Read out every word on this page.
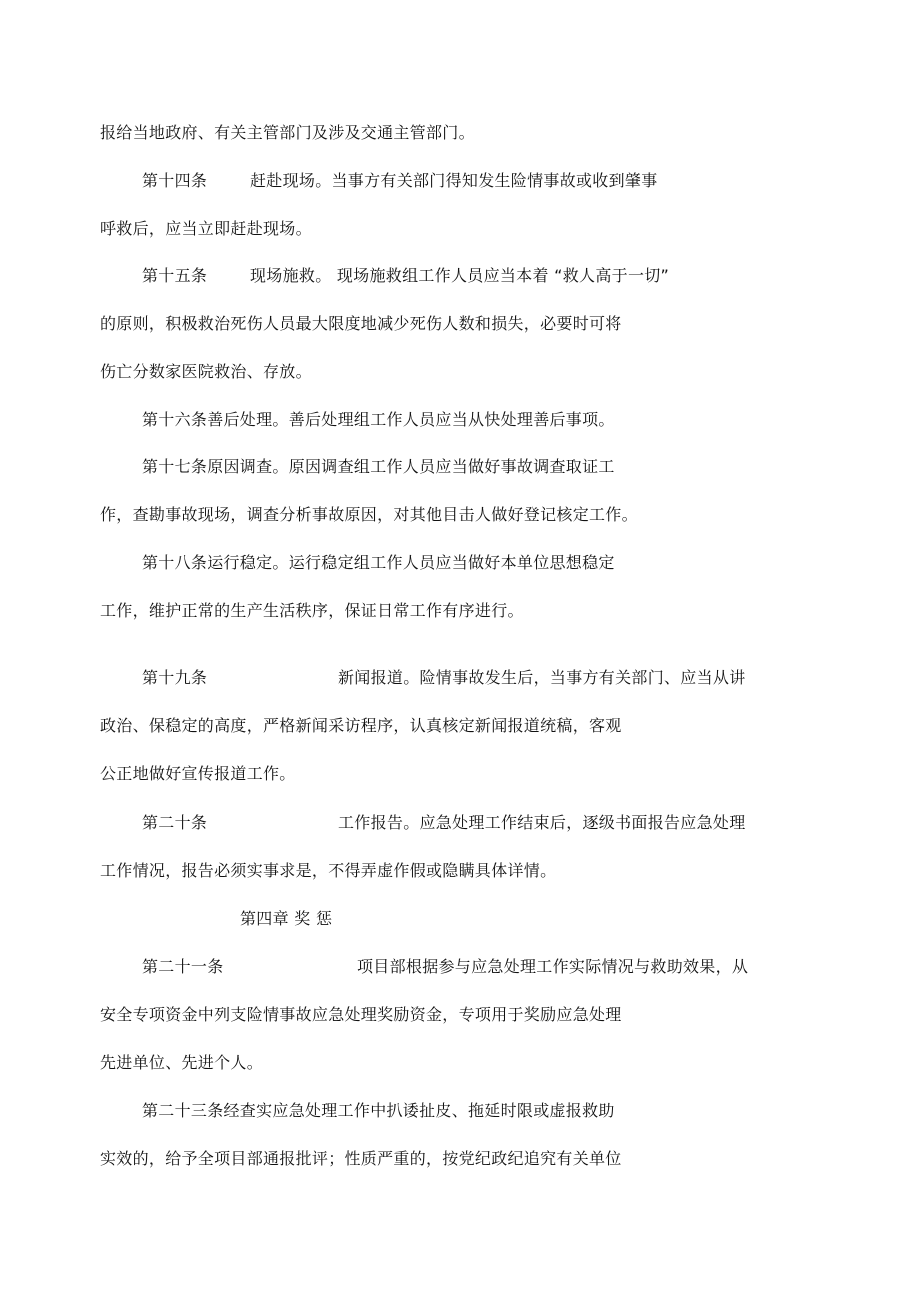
报给当地政府、有关主管部门及涉及交通主管部门。
第十四条	赶赴现场。当事方有关部门得知发生险情事故或收到肇事
呼救后，应当立即赶赴现场。
第十五条	现场施救。 现场施救组工作人员应当本着 “救人高于一切”
的原则，积极救治死伤人员最大限度地减少死伤人数和损失，必要时可将
伤亡分数家医院救治、存放。
第十六条善后处理。善后处理组工作人员应当从快处理善后事项。
第十七条原因调查。原因调查组工作人员应当做好事故调查取证工
作，查勘事故现场，调查分析事故原因，对其他目击人做好登记核定工作。
第十八条运行稳定。运行稳定组工作人员应当做好本单位思想稳定
工作，维护正常的生产生活秩序，保证日常工作有序进行。
第十九条	新闻报道。险情事故发生后，当事方有关部门、应当从讲
政治、保稳定的高度，严格新闻采访程序，认真核定新闻报道统稿，客观
公正地做好宣传报道工作。
第二十条	工作报告。应急处理工作结束后，逐级书面报告应急处理
工作情况，报告必须实事求是，不得弄虚作假或隐瞒具体详情。
第四章 奖 惩
第二十一条	项目部根据参与应急处理工作实际情况与救助效果，从
安全专项资金中列支险情事故应急处理奖励资金，专项用于奖励应急处理
先进单位、先进个人。
第二十三条经查实应急处理工作中扒诿扯皮、拖延时限或虚报救助
实效的，给予全项目部通报批评；性质严重的，按党纪政纪追究有关单位
